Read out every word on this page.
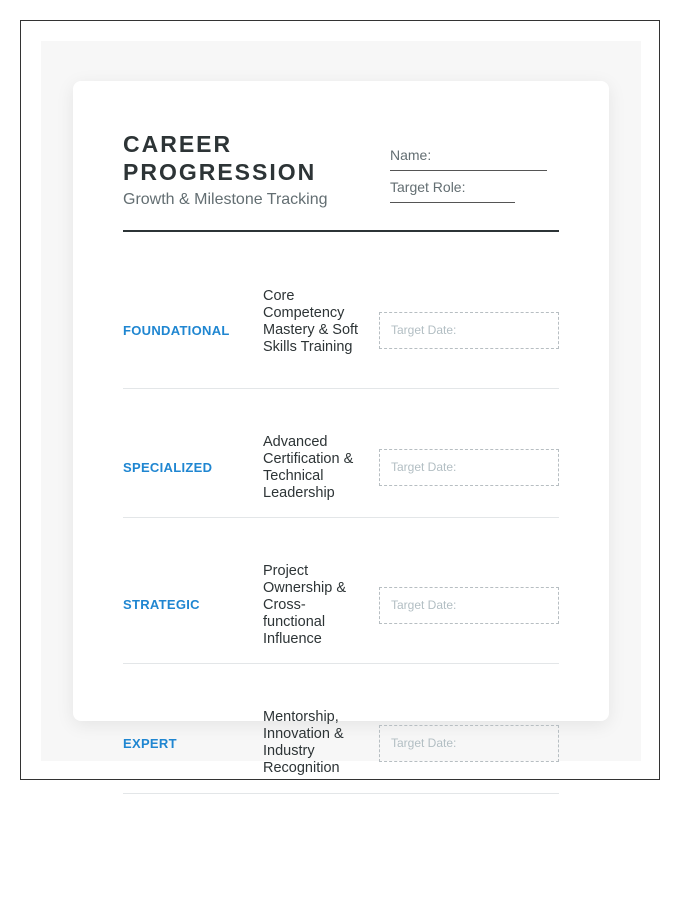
CAREER PROGRESSION
Growth & Milestone Tracking
Name:
Target Role:
FOUNDATIONAL
Core Competency Mastery & Soft Skills Training
Target Date:
SPECIALIZED
Advanced Certification & Technical Leadership
Target Date:
STRATEGIC
Project Ownership & Cross-functional Influence
Target Date:
EXPERT
Mentorship, Innovation & Industry Recognition
Target Date:
